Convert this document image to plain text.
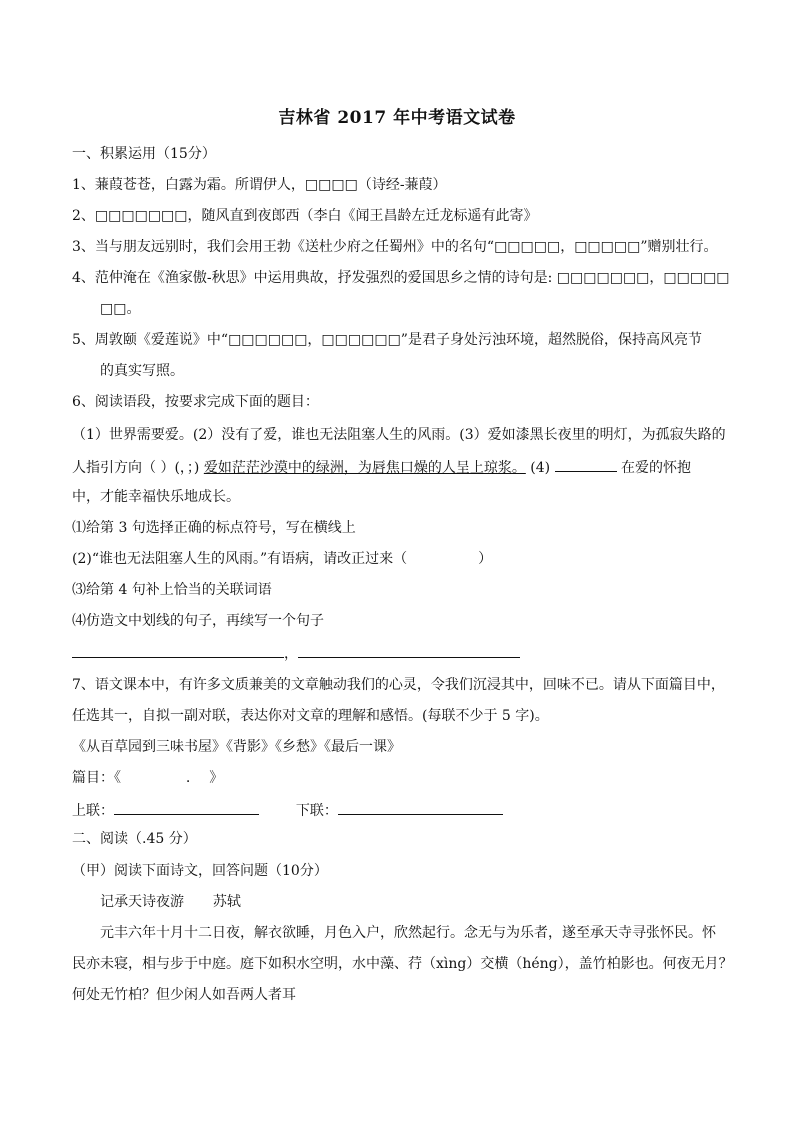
吉林省 2017 年中考语文试卷
一、积累运用（15分）
1、蒹葭苍苍，白露为霜。所谓伊人，□□□□（诗经-蒹葭）
2、□□□□□□□，随风直到夜郎西（李白《闻王昌龄左迁龙标遥有此寄》
3、当与朋友远别时，我们会用王勃《送杜少府之任蜀州》中的名句“□□□□□，□□□□□”赠别壮行。
4、范仲淹在《渔家傲-秋思》中运用典故，抒发强烈的爱国思乡之情的诗句是: □□□□□□□，□□□□□
□□。
5、周敦颐《爱莲说》中“□□□□□□，□□□□□□”是君子身处污浊环境，超然脱俗，保持高风亮节
的真实写照。
6、阅读语段，按要求完成下面的题目：
（1）世界需要爱。(2）没有了爱，谁也无法阻塞人生的风雨。(3）爱如漆黑长夜里的明灯，为孤寂失路的
人指引方向（ ）(，；) 爱如茫茫沙漠中的绿洲，为唇焦口燥的人呈上琼浆。 (4)	在爱的怀抱
中，才能幸福快乐地成长。
⑴给第 3 句选择正确的标点符号，写在横线上
(2)“谁也无法阻塞人生的风雨。”有语病，请改正过来（	）
⑶给第 4 句补上恰当的关联词语
⑷仿造文中划线的句子，再续写一个句子
，
7、语文课本中，有许多文质兼美的文章触动我们的心灵，令我们沉浸其中，回味不已。请从下面篇目中，
任选其一，自拟一副对联，表达你对文章的理解和感悟。(每联不少于 5 字)。
《从百草园到三味书屋》《背影》《乡愁》《最后一课》
篇目：《	. 》
上联：	下联：
二、阅读（.45 分）
（甲）阅读下面诗文，回答问题（10分）
记承天诗夜游 苏轼
元丰六年十月十二日夜，解衣欲睡，月色入户，欣然起行。念无与为乐者，遂至承天寺寻张怀民。怀
民亦未寝，相与步于中庭。庭下如积水空明，水中藻、荇（xìng）交横（héng），盖竹柏影也。何夜无月？
何处无竹柏？但少闲人如吾两人者耳
